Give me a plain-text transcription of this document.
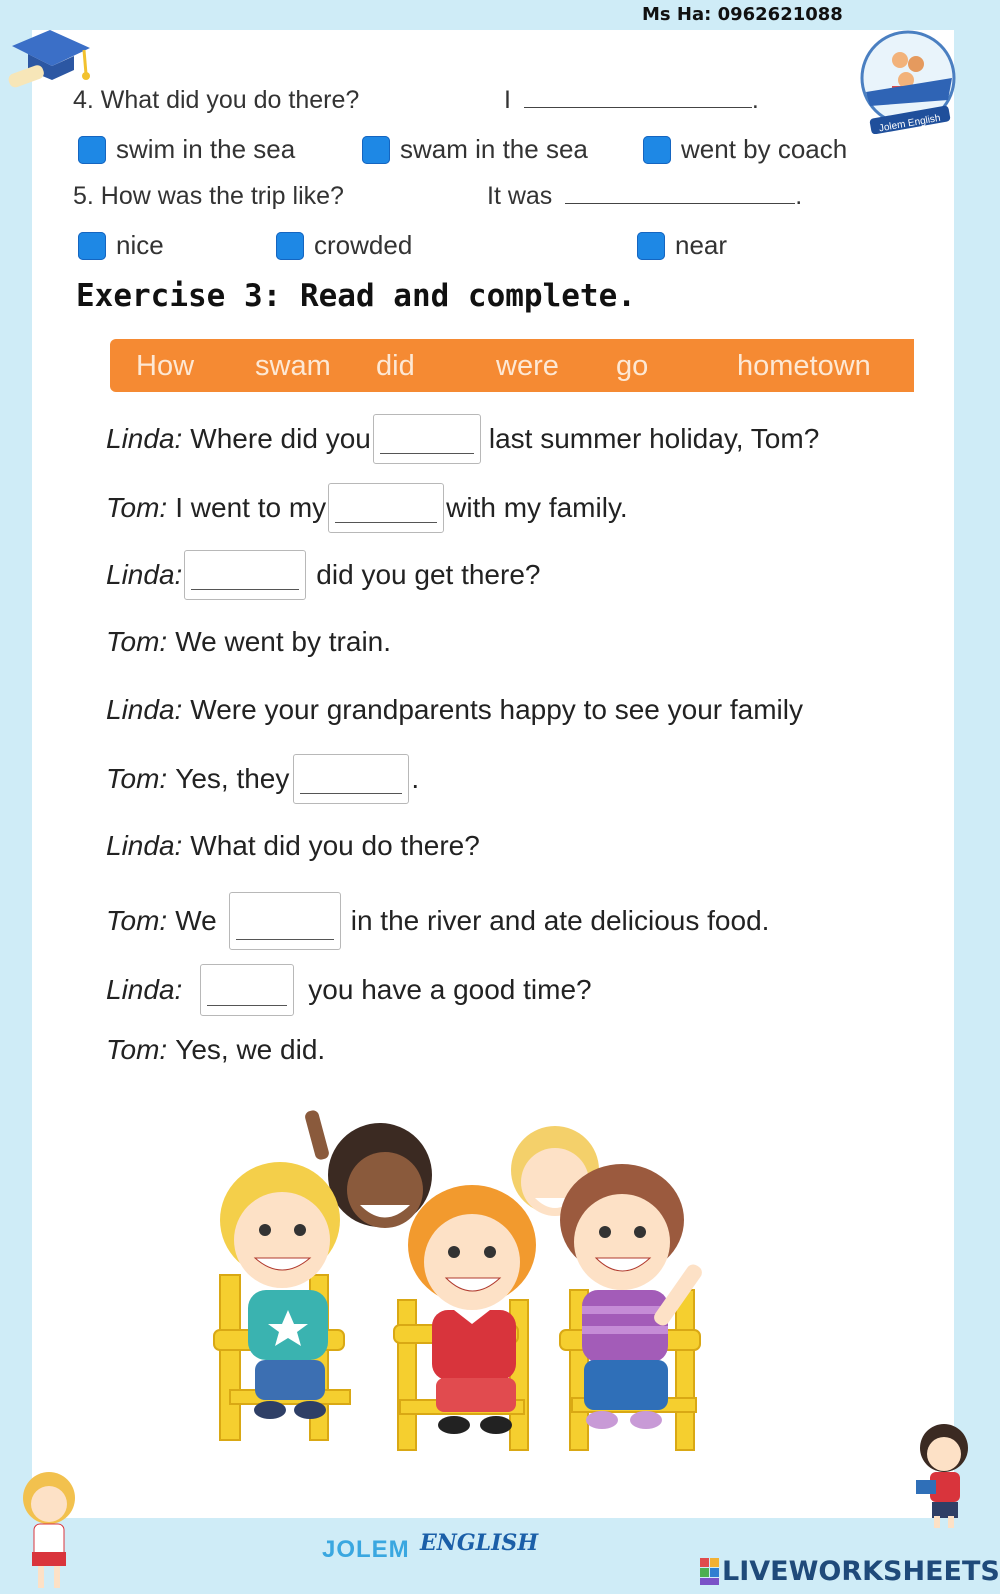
Ms Ha: 0962621088
Jolem English
4. What did you do there?	I	.
swim in the sea	swam in the sea	went by coach
5. How was the trip like?	It was	.
nice	crowded	near
Exercise 3: Read and complete.
How swam did	were go	hometown
Linda: Where did you	last summer holiday, Tom?
Tom: I went to my	with my family.
Linda:	did you get there?
Tom: We went by train.
Linda: Were your grandparents happy to see your family
Tom: Yes, they	.
Linda: What did you do there?
Tom: We	in the river and ate delicious food.
Linda:	you have a good time?
Tom: Yes, we did.
JOLEM ENGLISH
LIVEWORKSHEETS
